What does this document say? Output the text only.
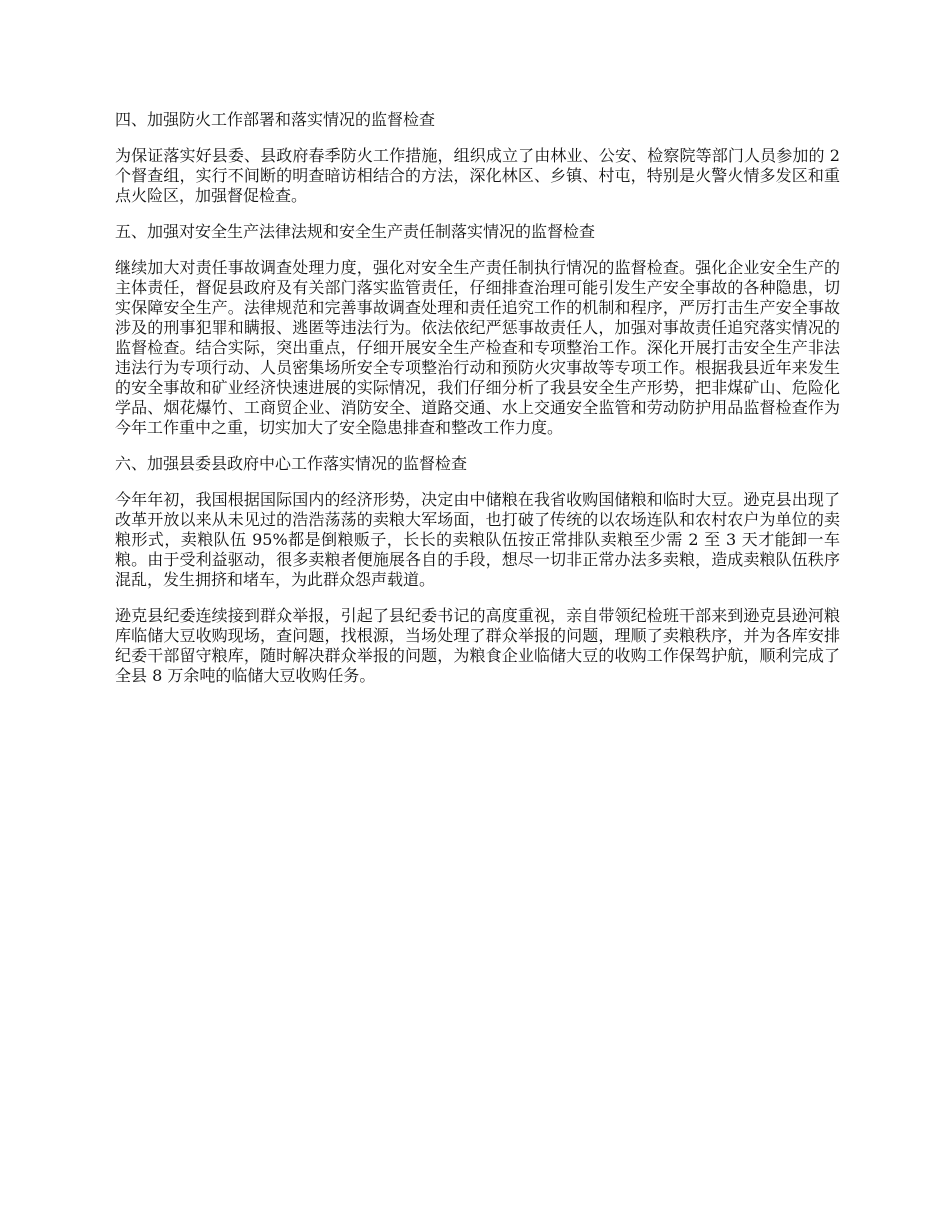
四、加强防火工作部署和落实情况的监督检查
为保证落实好县委、县政府春季防火工作措施，组织成立了由林业、公安、检察院等部门人员参加的 2 个督查组，实行不间断的明查暗访相结合的方法，深化林区、乡镇、村屯，特别是火警火情多发区和重点火险区，加强督促检查。
五、加强对安全生产法律法规和安全生产责任制落实情况的监督检查
继续加大对责任事故调查处理力度，强化对安全生产责任制执行情况的监督检查。强化企业安全生产的主体责任，督促县政府及有关部门落实监管责任，仔细排查治理可能引发生产安全事故的各种隐患，切实保障安全生产。法律规范和完善事故调查处理和责任追究工作的机制和程序，严厉打击生产安全事故涉及的刑事犯罪和瞒报、逃匿等违法行为。依法依纪严惩事故责任人，加强对事故责任追究落实情况的监督检查。结合实际，突出重点，仔细开展安全生产检查和专项整治工作。深化开展打击安全生产非法违法行为专项行动、人员密集场所安全专项整治行动和预防火灾事故等专项工作。根据我县近年来发生的安全事故和矿业经济快速进展的实际情况，我们仔细分析了我县安全生产形势，把非煤矿山、危险化学品、烟花爆竹、工商贸企业、消防安全、道路交通、水上交通安全监管和劳动防护用品监督检查作为今年工作重中之重，切实加大了安全隐患排查和整改工作力度。
六、加强县委县政府中心工作落实情况的监督检查
今年年初，我国根据国际国内的经济形势，决定由中储粮在我省收购国储粮和临时大豆。逊克县出现了改革开放以来从未见过的浩浩荡荡的卖粮大军场面，也打破了传统的以农场连队和农村农户为单位的卖粮形式，卖粮队伍 95%都是倒粮贩子，长长的卖粮队伍按正常排队卖粮至少需 2 至 3 天才能卸一车粮。由于受利益驱动，很多卖粮者便施展各自的手段，想尽一切非正常办法多卖粮，造成卖粮队伍秩序混乱，发生拥挤和堵车，为此群众怨声载道。
逊克县纪委连续接到群众举报，引起了县纪委书记的高度重视，亲自带领纪检班干部来到逊克县逊河粮库临储大豆收购现场，查问题，找根源，当场处理了群众举报的问题，理顺了卖粮秩序，并为各库安排纪委干部留守粮库，随时解决群众举报的问题，为粮食企业临储大豆的收购工作保驾护航，顺利完成了全县 8 万余吨的临储大豆收购任务。
